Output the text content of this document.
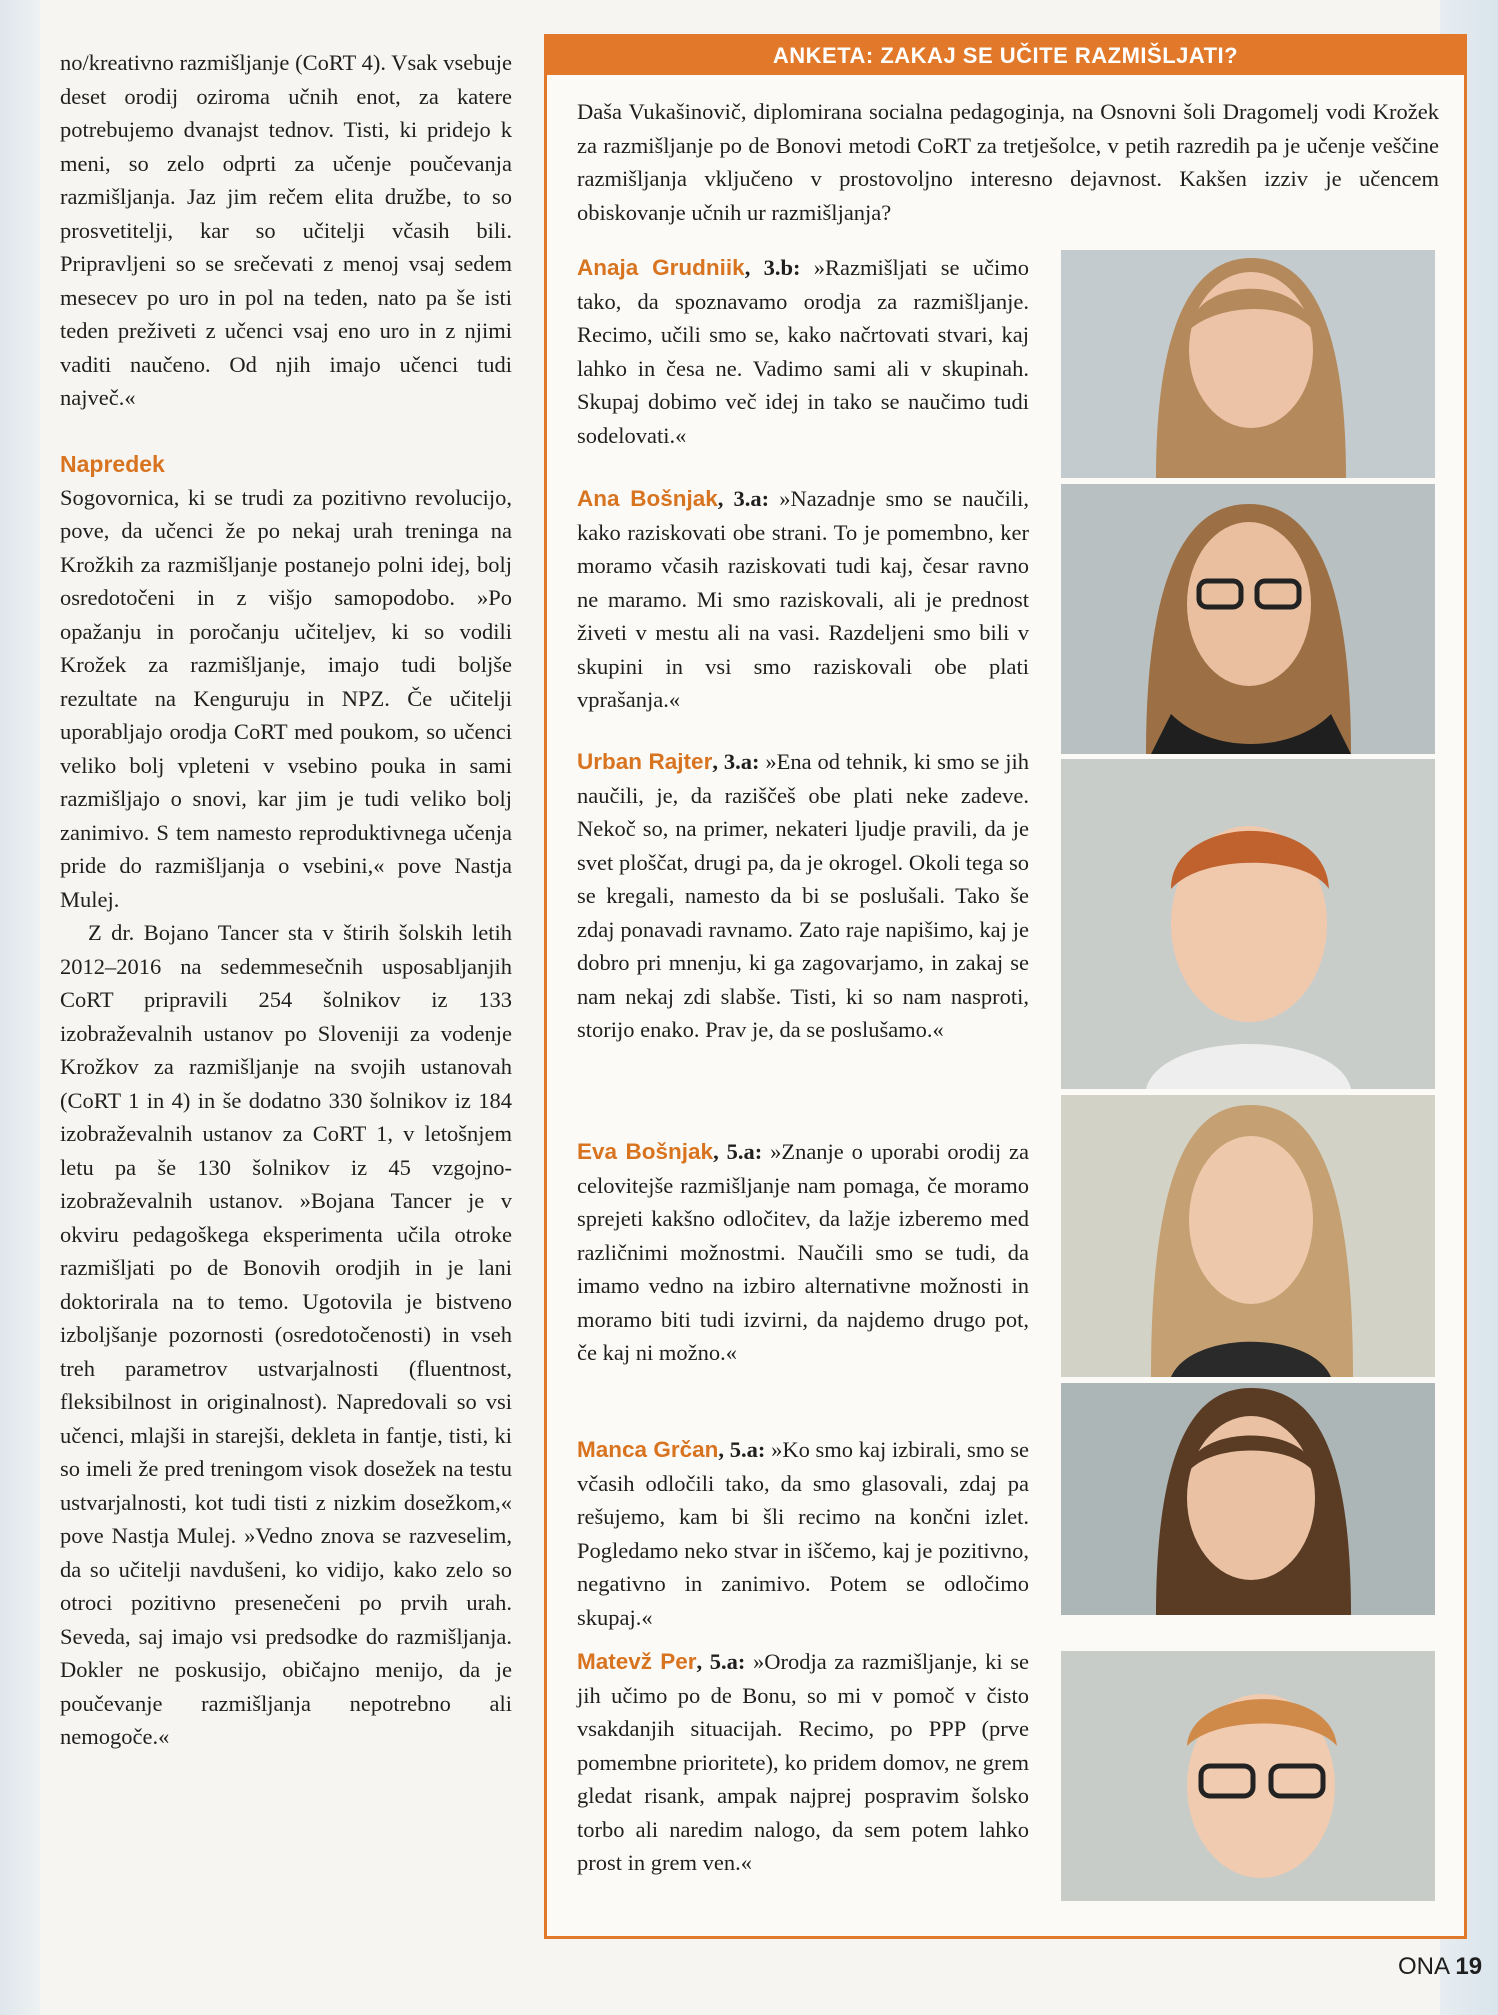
no/kreativno razmišljanje (CoRT 4). Vsak vsebuje deset orodij oziroma učnih enot, za katere potrebujemo dvanajst tednov. Tisti, ki pridejo k meni, so zelo odprti za učenje poučevanja razmišljanja. Jaz jim rečem elita družbe, to so prosvetitelji, kar so učitelji včasih bili. Pripravljeni so se srečevati z menoj vsaj sedem mesecev po uro in pol na teden, nato pa še isti teden preživeti z učenci vsaj eno uro in z njimi vaditi naučeno. Od njih imajo učenci tudi največ.«

Napredek

Sogovornica, ki se trudi za pozitivno revolucijo, pove, da učenci že po nekaj urah treninga na Krožkih za razmišljanje postanejo polni idej, bolj osredotočeni in z višjo samopodobo. »Po opažanju in poročanju učiteljev, ki so vodili Krožek za razmišljanje, imajo tudi boljše rezultate na Kenguruju in NPZ. Če učitelji uporabljajo orodja CoRT med poukom, so učenci veliko bolj vpleteni v vsebino pouka in sami razmišljajo o snovi, kar jim je tudi veliko bolj zanimivo. S tem namesto reproduktivnega učenja pride do razmišljanja o vsebini,« pove Nastja Mulej.

Z dr. Bojano Tancer sta v štirih šolskih letih 2012–2016 na sedemmesečnih usposabljanjih CoRT pripravili 254 šolnikov iz 133 izobraževalnih ustanov po Sloveniji za vodenje Krožkov za razmišljanje na svojih ustanovah (CoRT 1 in 4) in še dodatno 330 šolnikov iz 184 izobraževalnih ustanov za CoRT 1, v letošnjem letu pa še 130 šolnikov iz 45 vzgojno-izobraževalnih ustanov. »Bojana Tancer je v okviru pedagoškega eksperimenta učila otroke razmišljati po de Bonovih orodjih in je lani doktorirala na to temo. Ugotovila je bistveno izboljšanje pozornosti (osredotočenosti) in vseh treh parametrov ustvarjalnosti (fluentnost, fleksibilnost in originalnost). Napredovali so vsi učenci, mlajši in starejši, dekleta in fantje, tisti, ki so imeli že pred treningom visok dosežek na testu ustvarjalnosti, kot tudi tisti z nizkim dosežkom,« pove Nastja Mulej. »Vedno znova se razveselim, da so učitelji navdušeni, ko vidijo, kako zelo so otroci pozitivno presenečeni po prvih urah. Seveda, saj imajo vsi predsodke do razmišljanja. Dokler ne poskusijo, običajno menijo, da je poučevanje razmišljanja nepotrebno ali nemogoče.«

ANKETA: ZAKAJ SE UČITE RAZMIŠLJATI?
Daša Vukašinovič, diplomirana socialna pedagoginja, na Osnovni šoli Dragomelj vodi Krožek za razmišljanje po de Bonovi metodi CoRT za tretješolce, v petih razredih pa je učenje veščine razmišljanja vključeno v prostovoljno interesno dejavnost. Kakšen izziv je učencem obiskovanje učnih ur razmišljanja?
Anaja Grudniik, 3.b: »Razmišljati se učimo tako, da spoznavamo orodja za razmišljanje. Recimo, učili smo se, kako načrtovati stvari, kaj lahko in česa ne. Vadimo sami ali v skupinah. Skupaj dobimo več idej in tako se naučimo tudi sodelovati.«
Ana Bošnjak, 3.a: »Nazadnje smo se naučili, kako raziskovati obe strani. To je pomembno, ker moramo včasih raziskovati tudi kaj, česar ravno ne maramo. Mi smo raziskovali, ali je prednost živeti v mestu ali na vasi. Razdeljeni smo bili v skupini in vsi smo raziskovali obe plati vprašanja.«
Urban Rajter, 3.a: »Ena od tehnik, ki smo se jih naučili, je, da raziščeš obe plati neke zadeve. Nekoč so, na primer, nekateri ljudje pravili, da je svet ploščat, drugi pa, da je okrogel. Okoli tega so se kregali, namesto da bi se poslušali. Tako še zdaj ponavadi ravnamo. Zato raje napišimo, kaj je dobro pri mnenju, ki ga zagovarjamo, in zakaj se nam nekaj zdi slabše. Tisti, ki so nam nasproti, storijo enako. Prav je, da se poslušamo.«
Eva Bošnjak, 5.a: »Znanje o uporabi orodij za celovitejše razmišljanje nam pomaga, če moramo sprejeti kakšno odločitev, da lažje izberemo med različnimi možnostmi. Naučili smo se tudi, da imamo vedno na izbiro alternativne možnosti in moramo biti tudi izvirni, da najdemo drugo pot, če kaj ni možno.«
Manca Grčan, 5.a: »Ko smo kaj izbirali, smo se včasih odločili tako, da smo glasovali, zdaj pa rešujemo, kam bi šli recimo na končni izlet. Pogledamo neko stvar in iščemo, kaj je pozitivno, negativno in zanimivo. Potem se odločimo skupaj.«
Matevž Per, 5.a: »Orodja za razmišljanje, ki se jih učimo po de Bonu, so mi v pomoč v čisto vsakdanjih situacijah. Recimo, po PPP (prve pomembne prioritete), ko pridem domov, ne grem gledat risank, ampak najprej pospravim šolsko torbo ali naredim nalogo, da sem potem lahko prost in grem ven.«
ONA 19
